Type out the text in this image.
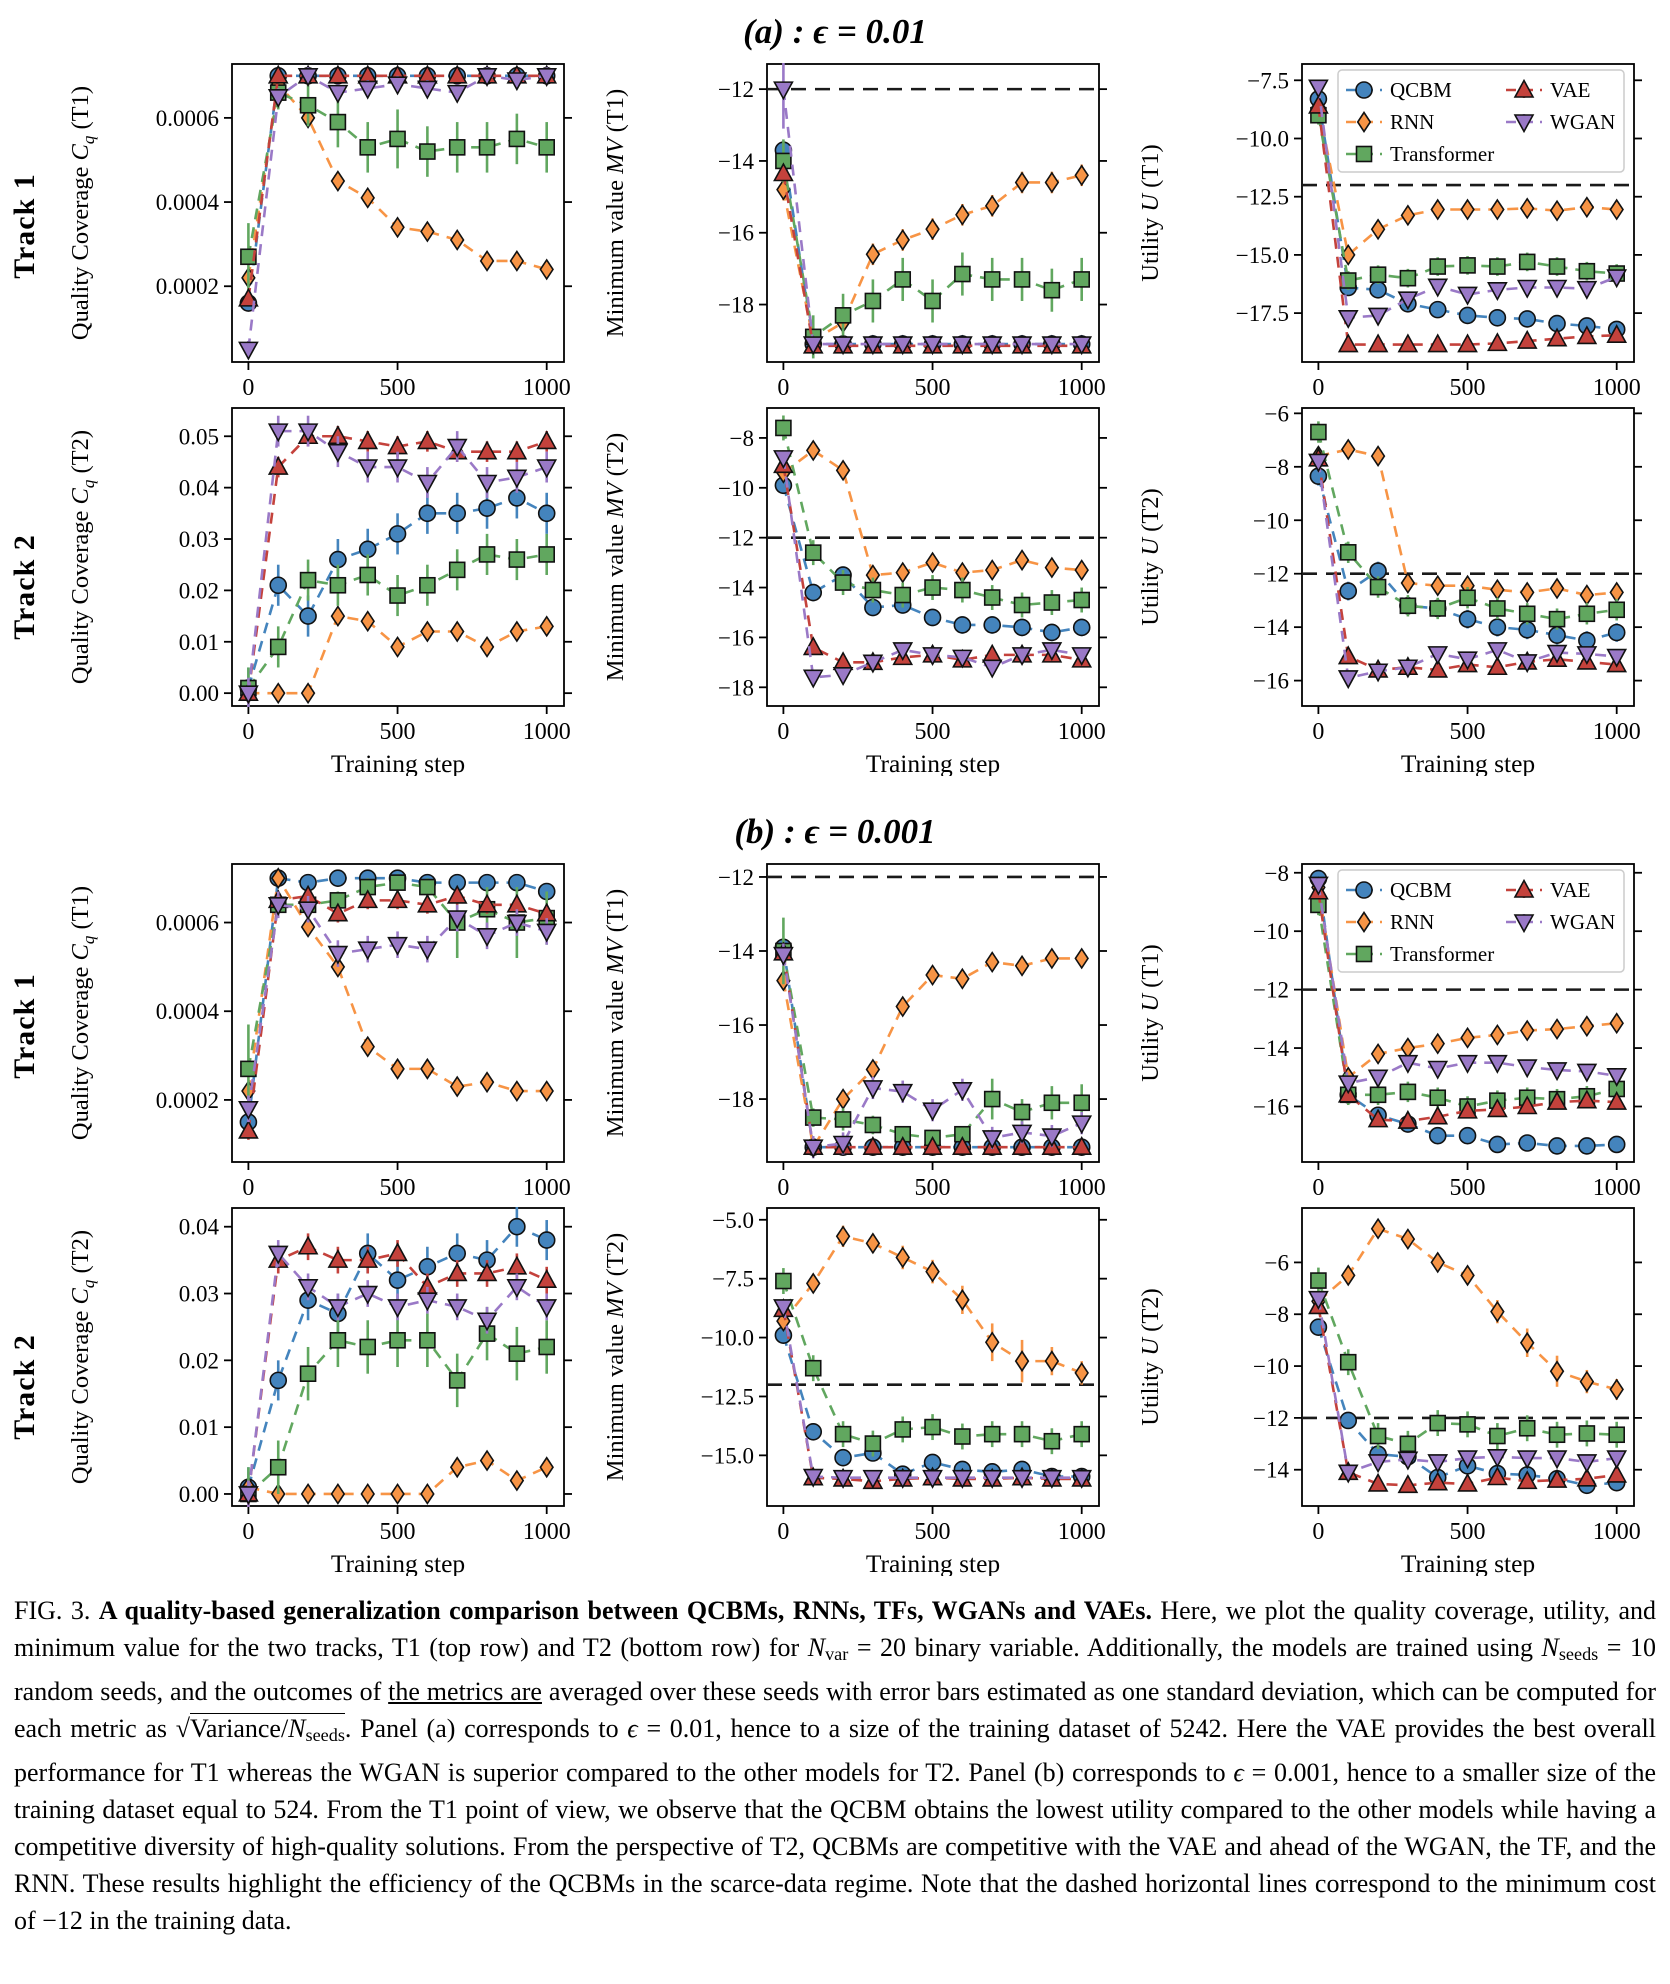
(a) : ϵ = 0.01
Track 1
0.0002
0.0004
0.0006
0	500	1000
Quality Coverage $C_q$ (T1)	−12
−14
−16
−18
0	500	1000
Minimum value MV (T1)
−7.5
−10.0
−12.5
−15.0
−17.5
0	500	1000
QCBM
RNN
Transformer
VAE
WGAN
Utility U (T1)
Track 2
0.00
0.01
0.02
0.03
0.04
0.05
0	500	1000
Quality Coverage $C_q$ (T2)
Training step
−8
−10
−12
−14
−16
−18
0	500	1000
Minimum value MV (T2)
Training step
−6
−8
−10
−12
−14
−16
0	500	1000
Utility U (T2)
Training step
(b) : ϵ = 0.001
Track 1
0.0002
0.0004
0.0006
0	500	1000
Quality Coverage $C_q$ (T1)
−12
−14
−16
−18
0	500	1000
Minimum value MV (T1)
−8
−10
−12
−14
−16
0	500	1000
QCBM
RNN
Transformer
VAE
WGAN
Utility U (T1)
Track 2
0.00
0.01
0.02
0.03
0.04
0	500	1000
Quality Coverage $C_q$ (T2)
Training step
−5.0
−7.5
−10.0
−12.5
−15.0
0	500	1000
Minimum value MV (T2)
Training step
−6
−8
−10
−12
−14
0	500	1000
Utility U (T2)
Training step
FIG. 3. A quality-based generalization comparison between QCBMs, RNNs, TFs, WGANs and VAEs. Here, we plot the quality coverage, utility, and minimum value for the two tracks, T1 (top row) and T2 (bottom row) for $N_{var} = 20$ binary variable. Additionally, the models are trained using $N_{seeds} = 10$ random seeds, and the outcomes of the metrics are averaged over these seeds with error bars estimated as one standard deviation, which can be computed for each metric as $√Variance/N_{seeds}$. Panel (a) corresponds to ϵ = 0.01, hence to a size of the training dataset of 5242. Here the VAE provides the best overall performance for T1 whereas the WGAN is superior compared to the other models for T2. Panel (b) corresponds to ϵ = 0.001, hence to a smaller size of the training dataset equal to 524. From the T1 point of view, we observe that the QCBM obtains the lowest utility compared to the other models while having a competitive diversity of high-quality solutions. From the perspective of T2, QCBMs are competitive with the VAE and ahead of the WGAN, the TF, and the RNN. These results highlight the efficiency of the QCBMs in the scarce-data regime. Note that the dashed horizontal lines correspond to the minimum cost of −12 in the training data.
